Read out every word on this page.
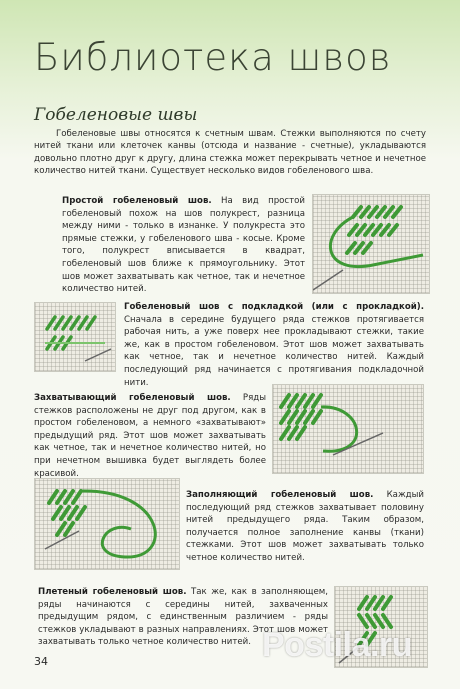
Библиотека швов
Гобеленовые швы
Гобеленовые швы относятся к счетным швам. Стежки выполняются по счету нитей ткани или клеточек канвы (отсюда и название - счетные), укладываются довольно плотно друг к другу, длина стежка может перекрывать четное и нечетное количество нитей ткани. Существует несколько видов гобеленового шва.
Простой гобеленовый шов. На вид простой гобеленовый похож на шов полукрест, разница между ними - только в изнанке. У полукреста это прямые стежки, у гобеленового шва - косые. Кроме того, полукрест вписывается в квадрат, гобеленовый шов ближе к прямоугольнику. Этот шов может захватывать как четное, так и нечетное количество нитей.
Гобеленовый шов с подкладкой (или с прокладкой). Сначала в середине будущего ряда стежков протягивается рабочая нить, а уже поверх нее прокладывают стежки, такие же, как в простом гобеленовом. Этот шов может захватывать как четное, так и нечетное количество нитей. Каждый последующий ряд начинается с протягивания подкладочной нити.
Захватывающий гобеленовый шов. Ряды стежков расположены не друг под другом, как в простом гобеленовом, а немного «захватывают» предыдущий ряд. Этот шов может захватывать как четное, так и нечетное количество нитей, но при нечетном вышивка будет выглядеть более красивой.
Заполняющий гобеленовый шов. Каждый последующий ряд стежков захватывает половину нитей предыдущего ряда. Таким образом, получается полное заполнение канвы (ткани) стежками. Этот шов может захватывать только четное количество нитей.
Плетеный гобеленовый шов. Так же, как в заполняющем, ряды начинаются с середины нитей, захваченных предыдущим рядом, с единственным различием - ряды стежков укладывают в разных направлениях. Этот шов может захватывать только четное количество нитей.
34	Postila.ru
